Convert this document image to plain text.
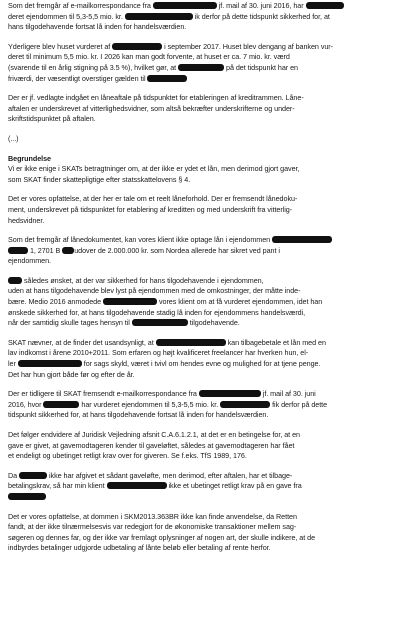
Som det fremgår af e-mailkorrespondance fra	jf. mail af 30. juni 2016, har
deret ejendommen til 5,3-5,5 mio. kr.	ik derfor på dette tidspunkt sikkerhed for, at
hans tilgodehavende fortsat lå inden for handelsværdien.
Yderligere blev huset vurderet af	i september 2017. Huset blev dengang af banken vur-
deret til minimum 5,5 mio. kr. I 2026 kan man godt forvente, at huset er ca. 7 mio. kr. værd
(svarende til en årlig stigning på 3.5 %), hvilket gør, at	på det tidspunkt har en
friværdi, der væsentligt overstiger gælden til
Der er jf. vedlagte indgået en låneaftale på tidspunktet for etableringen af kreditrammen. Låne-
aftalen er underskrevet af vitterlighedsvidner, som altså bekræfter underskrifterne og under-
skriftstidspunktet på aftalen.
(...)
Begrundelse
Vi er ikke enige i SKATs betragtninger om, at der ikke er ydet et lån, men derimod gjort gaver,
som SKAT finder skattepligtige efter statsskattelovens § 4.
Det er vores opfattelse, at der her er tale om et reelt låneforhold. Der er fremsendt lånedoku-
ment, underskrevet på tidspunktet for etablering af kreditten og med underskrift fra vitterlig-
hedsvidner.
Som det fremgår af lånedokumentet, kan vores klient ikke optage lån i ejendommen
1, 2701 B udover de 2.000.000 kr. som Nordea allerede har sikret ved pant i
ejendommen.
således ønsket, at der var sikkerhed for hans tilgodehavende i ejendommen,
uden at hans tilgodehavende blev lyst på ejendommen med de omkostninger, der måtte inde-
bære. Medio 2016 anmodede	vores klient om at få vurderet ejendommen, idet han
ønskede sikkerhed for, at hans tilgodehavende stadig lå inden for ejendommens handelsværdi,
når der samtidig skulle tages hensyn til	tilgodehavende.
SKAT nævner, at de finder det usandsynligt, at	kan tilbagebetale et lån med en
lav indkomst i årene 2010+2011. Som erfaren og højt kvalificeret freelancer har hverken hun, el-
ler	for sags skyld, været i tvivl om hendes evne og mulighed for at tjene penge.
Det har hun gjort både før og efter de år.
Der er tidligere til SKAT fremsendt e-mailkorrespondance fra	jf. mail af 30. juni
2016, hvor	har vurderet ejendommen til 5,3-5,5 mio. kr.	fik derfor på dette
tidspunkt sikkerhed for, at hans tilgodehavende fortsat lå inden for handelsværdien.
Det følger endvidere af Juridisk Vejledning afsnit C.A.6.1.2.1, at det er en betingelse for, at en
gave er givet, at gavemodtageren kender til gaveløftet, således at gavemodtageren har fået
et endeligt og ubetinget retligt krav over for giveren. Se f.eks. TfS 1989, 176.
Da	ikke har afgivet et sådant gaveløfte, men derimod, efter aftalen, har et tilbage-
betalingskrav, så har min klient	ikke et ubetinget retligt krav på en gave fra
Det er vores opfattelse, at dommen i SKM2013.363BR ikke kan finde anvendelse, da Retten
fandt, at der ikke tilnærmelsesvis var redegjort for de økonomiske transaktioner mellem sag-
søgeren og dennes far, og der ikke var fremlagt oplysninger af nogen art, der skulle indikere, at de
indbyrdes betalinger udgjorde udbetaling af lånte beløb eller betaling af rente herfor.
